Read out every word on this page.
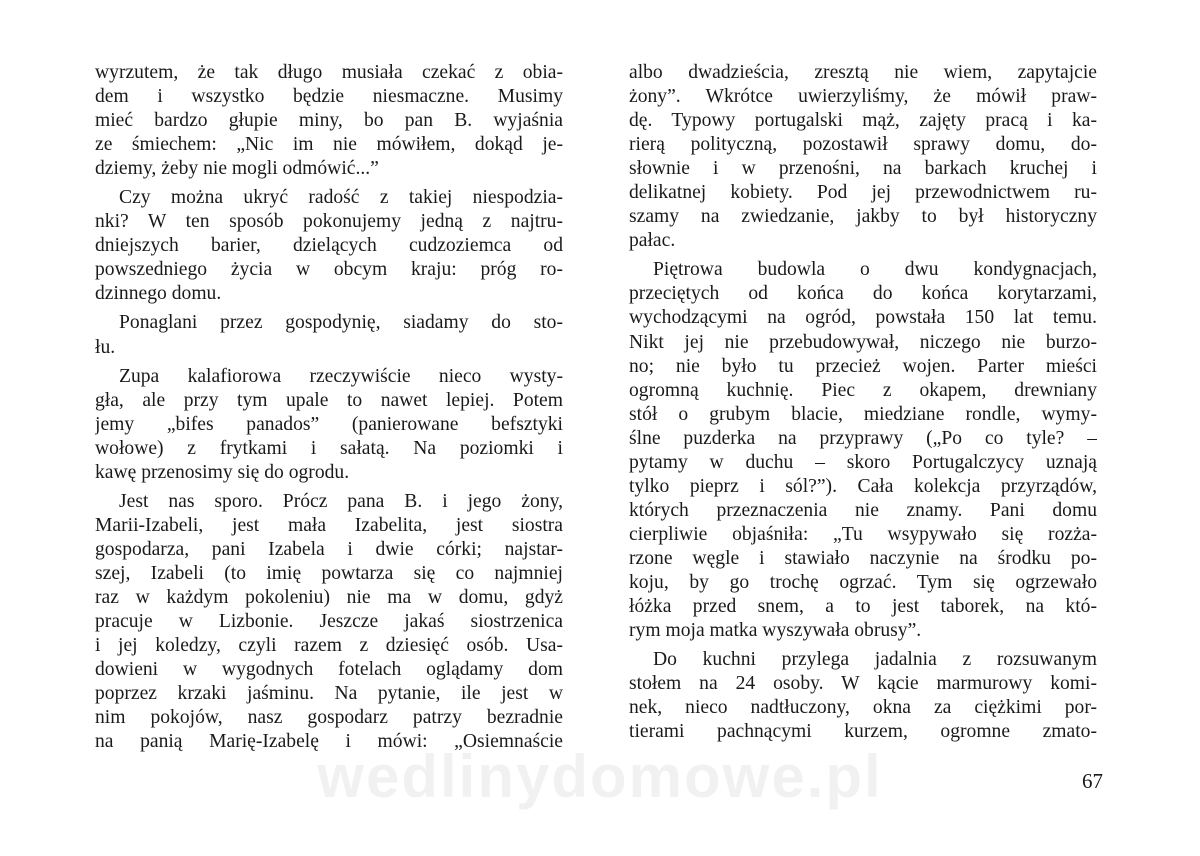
wyrzutem, że tak długo musiała czekać z obia-
dem i wszystko będzie niesmaczne. Musimy
mieć bardzo głupie miny, bo pan B. wyjaśnia
ze śmiechem: „Nic im nie mówiłem, dokąd je-
dziemy, żeby nie mogli odmówić...”
Czy można ukryć radość z takiej niespodzia-
nki? W ten sposób pokonujemy jedną z najtru-
dniejszych barier, dzielących cudzoziemca od
powszedniego życia w obcym kraju: próg ro-
dzinnego domu.
Ponaglani przez gospodynię, siadamy do sto-
łu.
Zupa kalafiorowa rzeczywiście nieco wysty-
gła, ale przy tym upale to nawet lepiej. Potem
jemy „bifes panados” (panierowane befsztyki
wołowe) z frytkami i sałatą. Na poziomki i
kawę przenosimy się do ogrodu.
Jest nas sporo. Prócz pana B. i jego żony,
Marii-Izabeli, jest mała Izabelita, jest siostra
gospodarza, pani Izabela i dwie córki; najstar-
szej, Izabeli (to imię powtarza się co najmniej
raz w każdym pokoleniu) nie ma w domu, gdyż
pracuje w Lizbonie. Jeszcze jakaś siostrzenica
i jej koledzy, czyli razem z dziesięć osób. Usa-
dowieni w wygodnych fotelach oglądamy dom
poprzez krzaki jaśminu. Na pytanie, ile jest w
nim pokojów, nasz gospodarz patrzy bezradnie
na panią Marię-Izabelę i mówi: „Osiemnaście
albo dwadzieścia, zresztą nie wiem, zapytajcie
żony”. Wkrótce uwierzyliśmy, że mówił praw-
dę. Typowy portugalski mąż, zajęty pracą i ka-
rierą polityczną, pozostawił sprawy domu, do-
słownie i w przenośni, na barkach kruchej i
delikatnej kobiety. Pod jej przewodnictwem ru-
szamy na zwiedzanie, jakby to był historyczny
pałac.
Piętrowa budowla o dwu kondygnacjach,
przeciętych od końca do końca korytarzami,
wychodzącymi na ogród, powstała 150 lat temu.
Nikt jej nie przebudowywał, niczego nie burzo-
no; nie było tu przecież wojen. Parter mieści
ogromną kuchnię. Piec z okapem, drewniany
stół o grubym blacie, miedziane rondle, wymy-
ślne puzderka na przyprawy („Po co tyle? –
pytamy w duchu – skoro Portugalczycy uznają
tylko pieprz i sól?”). Cała kolekcja przyrządów,
których przeznaczenia nie znamy. Pani domu
cierpliwie objaśniła: „Tu wsypywało się rozża-
rzone węgle i stawiało naczynie na środku po-
koju, by go trochę ogrzać. Tym się ogrzewało
łóżka przed snem, a to jest taborek, na któ-
rym moja matka wyszywała obrusy”.
Do kuchni przylega jadalnia z rozsuwanym
stołem na 24 osoby. W kącie marmurowy komi-
nek, nieco nadtłuczony, okna za ciężkimi por-
tierami pachnącymi kurzem, ogromne zmato-
wedlinydomowe.pl	67
